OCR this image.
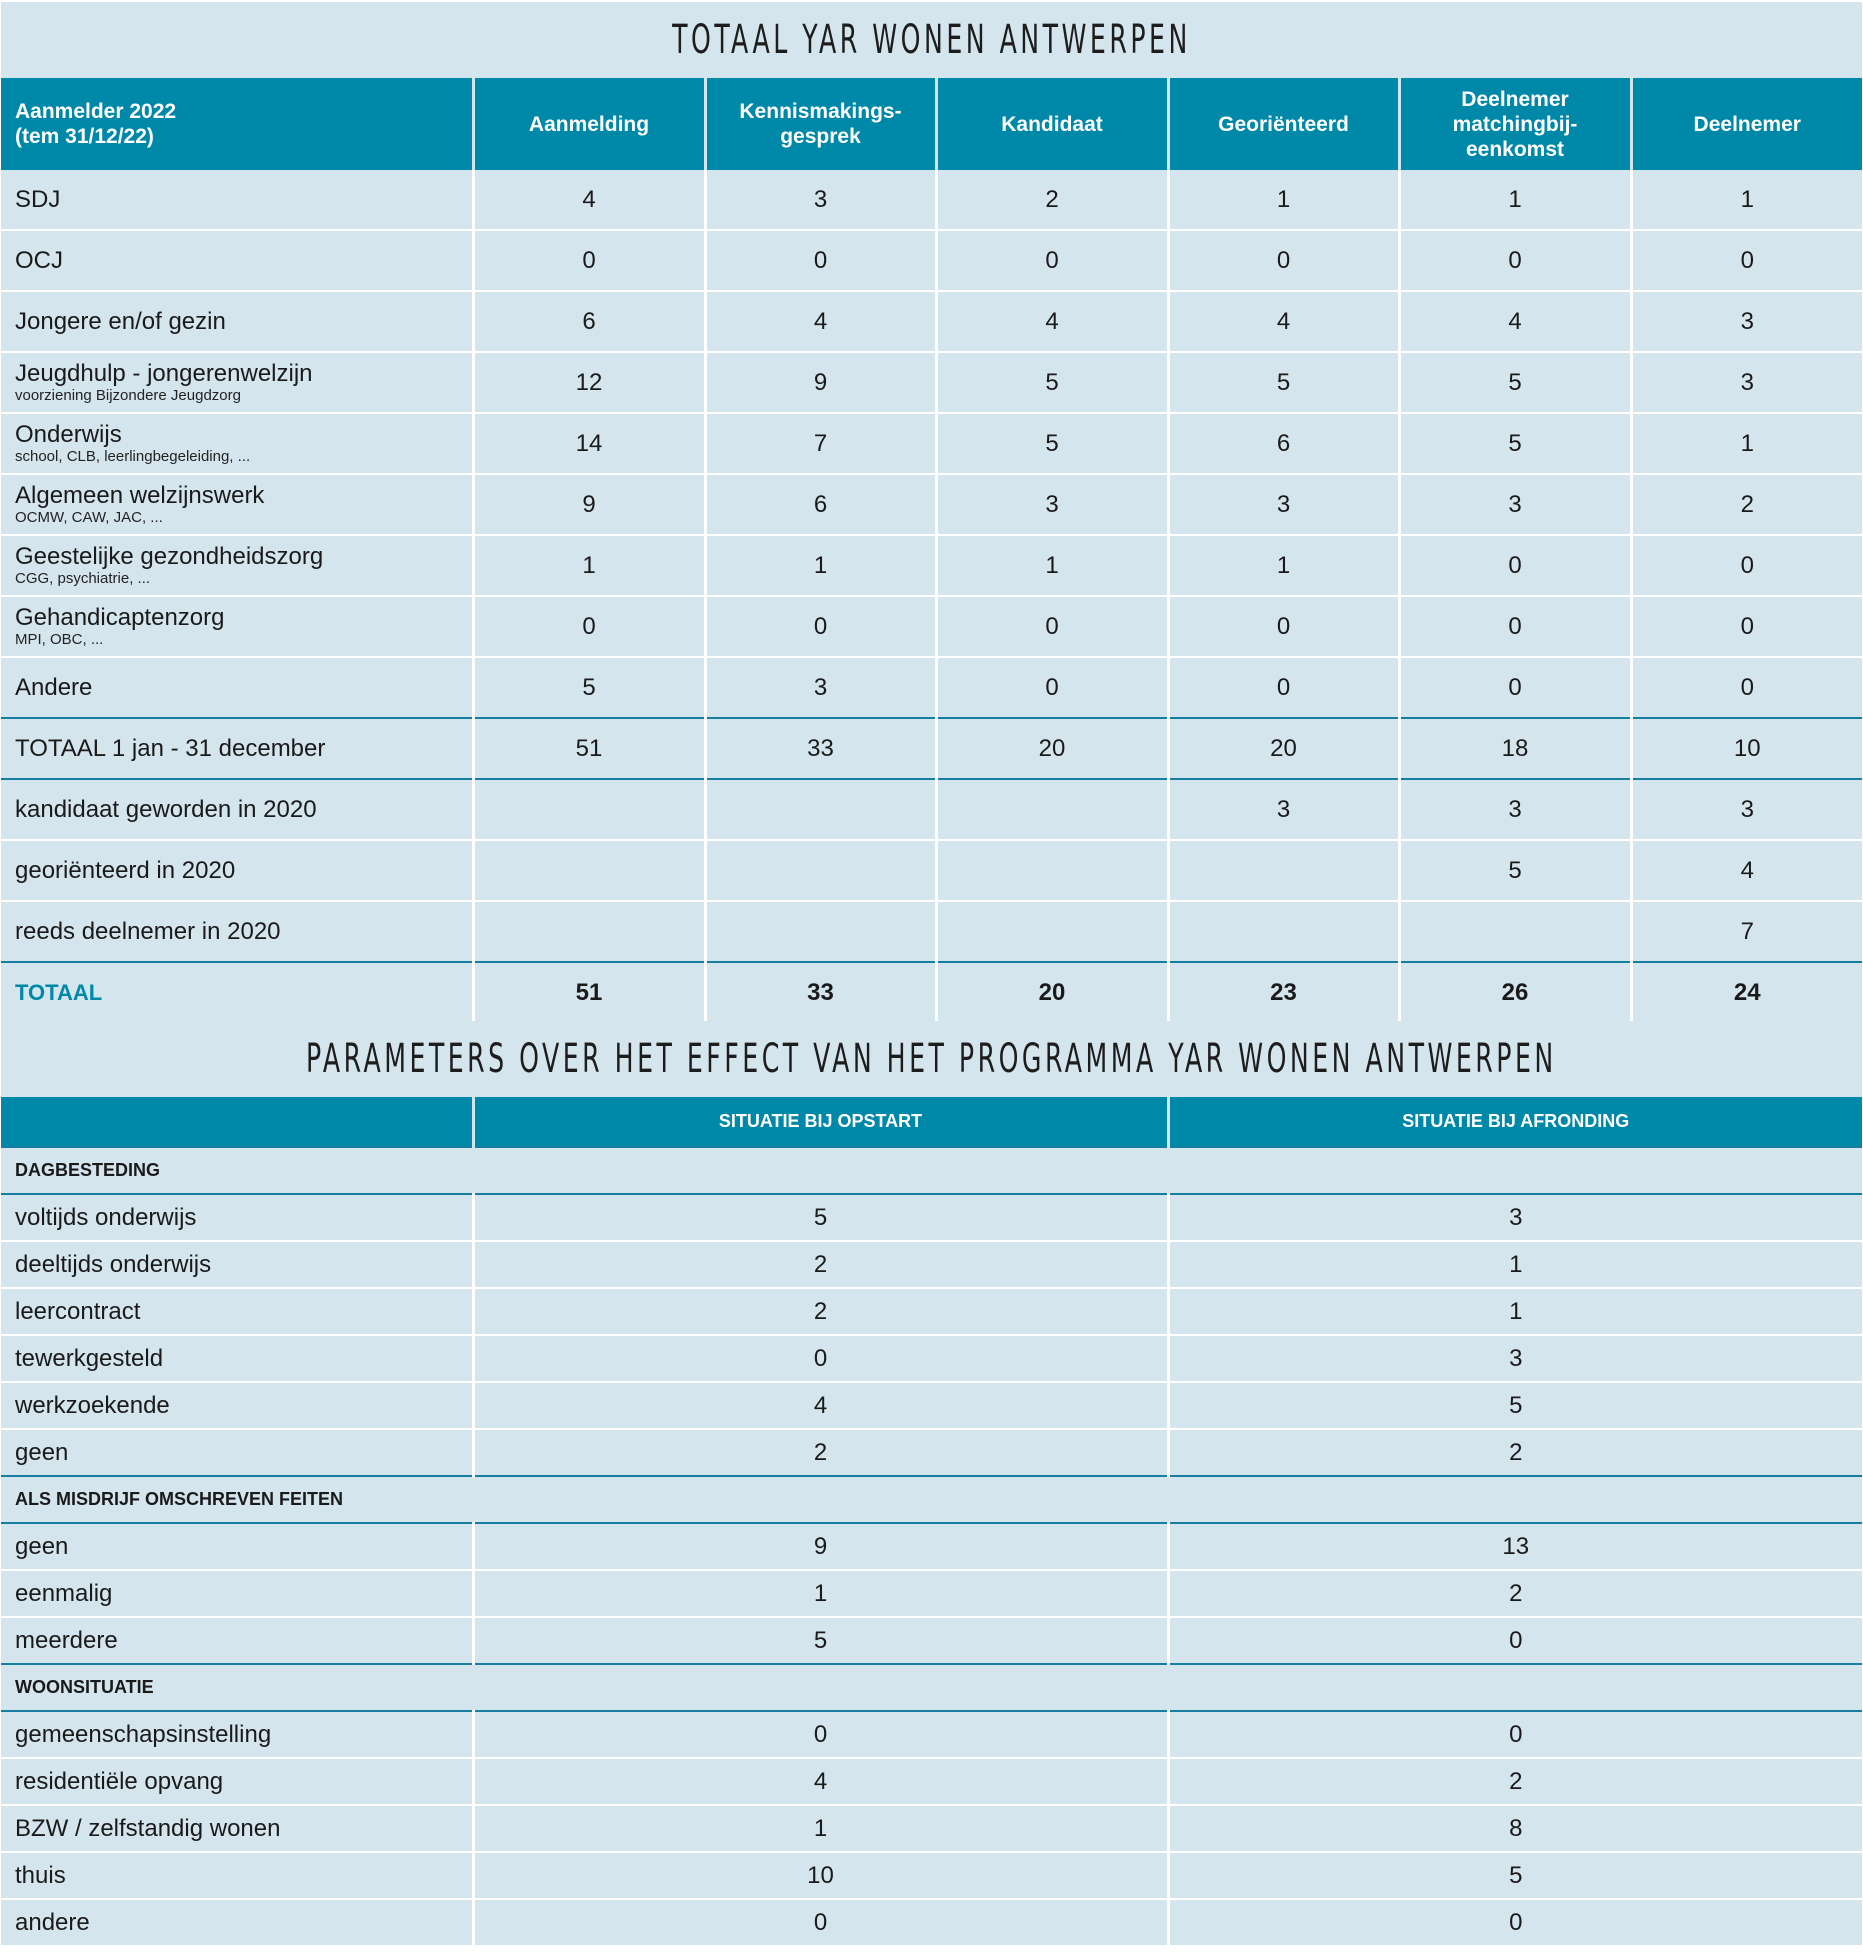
TOTAAL YAR WONEN ANTWERPEN
Aanmelder 2022
(tem 31/12/22)	Aanmelding	Kennismakings-gesprek	Kandidaat	Georiënteerd	Deelnemer matchingbij-eenkomst	Deelnemer

SDJ	4	3	2	1	1	1

OCJ	0	0	0	0	0	0

Jongere en/of gezin	6	4	4	4	4	3

Jeugdhulp - jongerenwelzijn
voorziening Bijzondere Jeugdzorg	12	9	5	5	5	3

Onderwijs
school, CLB, leerlingbegeleiding, ...	14	7	5	6	5	1

Algemeen welzijnswerk
OCMW, CAW, JAC, ...	9	6	3	3	3	2

Geestelijke gezondheidszorg
CGG, psychiatrie, ...	1	1	1	1	0	0

Gehandicaptenzorg
MPI, OBC, ...	0	0	0	0	0	0

Andere	5	3	0	0	0	0

TOTAAL 1 jan - 31 december	51	33	20	20	18	10

kandidaat geworden in 2020				3	3	3

georiënteerd in 2020					5	4

reeds deelnemer in 2020						7
TOTAAL	51	33	20	23	26	24
PARAMETERS OVER HET EFFECT VAN HET PROGRAMMA YAR WONEN ANTWERPEN
	SITUATIE BIJ OPSTART	SITUATIE BIJ AFRONDING
DAGBESTEDING		
voltijds onderwijs	5	3
deeltijds onderwijs	2	1
leercontract	2	1
tewerkgesteld	0	3
werkzoekende	4	5
geen	2	2
ALS MISDRIJF OMSCHREVEN FEITEN		
geen	9	13
eenmalig	1	2
meerdere	5	0
WOONSITUATIE		
gemeenschapsinstelling	0	0
residentiële opvang	4	2
BZW / zelfstandig wonen	1	8
thuis	10	5
andere	0	0
